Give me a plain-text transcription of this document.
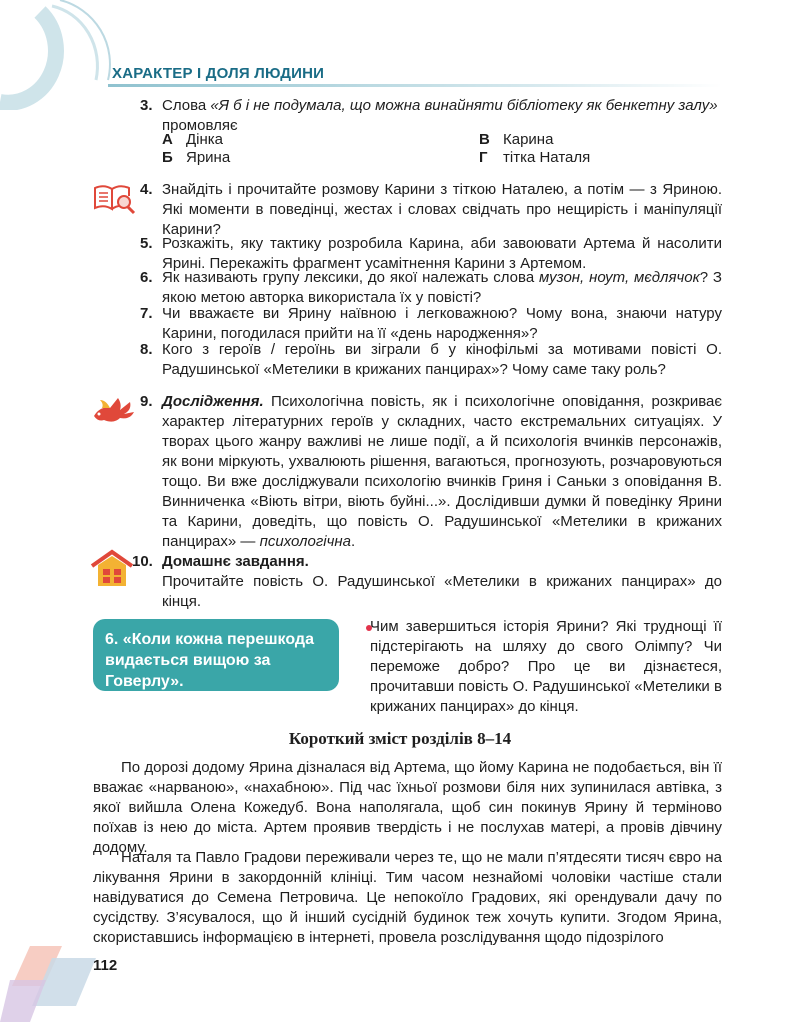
ХАРАКТЕР І ДОЛЯ ЛЮДИНИ
3. Слова «Я б і не подумала, що можна винайняти бібліотеку як бенкетну залу»
промовляє

А Дінка
Б Ярина
В Карина
Г тітка Наталя
4. Знайдіть і прочитайте розмову Карини з тіткою Наталею, а потім — з Яриною. Які моменти в поведінці, жестах і словах свідчать про нещирість і маніпуляції Карини?

5. Розкажіть, яку тактику розробила Карина, аби завоювати Артема й насолити Ярині. Перекажіть фрагмент усамітнення Карини з Артемом.

6. Як називають групу лексики, до якої належать слова музон, ноут, мєдлячок? З якою метою авторка використала їх у повісті?

7. Чи вважаєте ви Ярину наївною і легковажною? Чому вона, знаючи натуру Карини, погодилася прийти на її «день народження»?

8. Кого з героїв / героїнь ви зіграли б у кінофільмі за мотивами повісті О. Радушинської «Метелики в крижаних панцирах»? Чому саме таку роль?

9. Дослідження. Психологічна повість, як і психологічне оповідання, розкриває характер літературних героїв у складних, часто екстремальних ситуаціях. У творах цього жанру важливі не лише події, а й психологія вчинків персонажів, як вони міркують, ухвалюють рішення, вагаються, прогнозують, розчаровуються тощо. Ви вже досліджували психологію вчинків Гриня і Саньки з оповідання В. Винниченка «Віють вітри, віють буйні...». Дослідивши думки й поведінку Ярини та Карини, доведіть, що повість О. Радушинської «Метелики в крижаних панцирах» — психологічна.

10. Домашнє завдання.
Прочитайте повість О. Радушинської «Метелики в крижаних панцирах» до кінця.

6. «Коли кожна перешкода видається вищою за Говерлу».

Чим завершиться історія Ярини? Які труднощі її підстерігають на шляху до свого Олімпу? Чи переможе добро? Про це ви дізнаєтеся, прочитавши повість О. Радушинської «Метелики в крижаних панцирах» до кінця.

Короткий зміст розділів 8–14

По дорозі додому Ярина дізналася від Артема, що йому Карина не подобається, він її вважає «нарваною», «нахабною». Під час їхньої розмови біля них зупинилася автівка, з якої вийшла Олена Кожедуб. Вона наполягала, щоб син покинув Ярину й терміново поїхав із нею до міста. Артем проявив твердість і не послухав матері, а провів дівчину додому.

Наталя та Павло Градови переживали через те, що не мали п’ятдесяти тисяч євро на лікування Ярини в закордонній клініці. Тим часом незнайомі чоловіки частіше стали навідуватися до Семена Петровича. Це непокоїло Градових, які орендували дачу по сусідству. З’ясувалося, що й інший сусідній будинок теж хочуть купити. Згодом Ярина, скориставшись інформацією в інтернеті, провела розслідування щодо підозрілого

112
